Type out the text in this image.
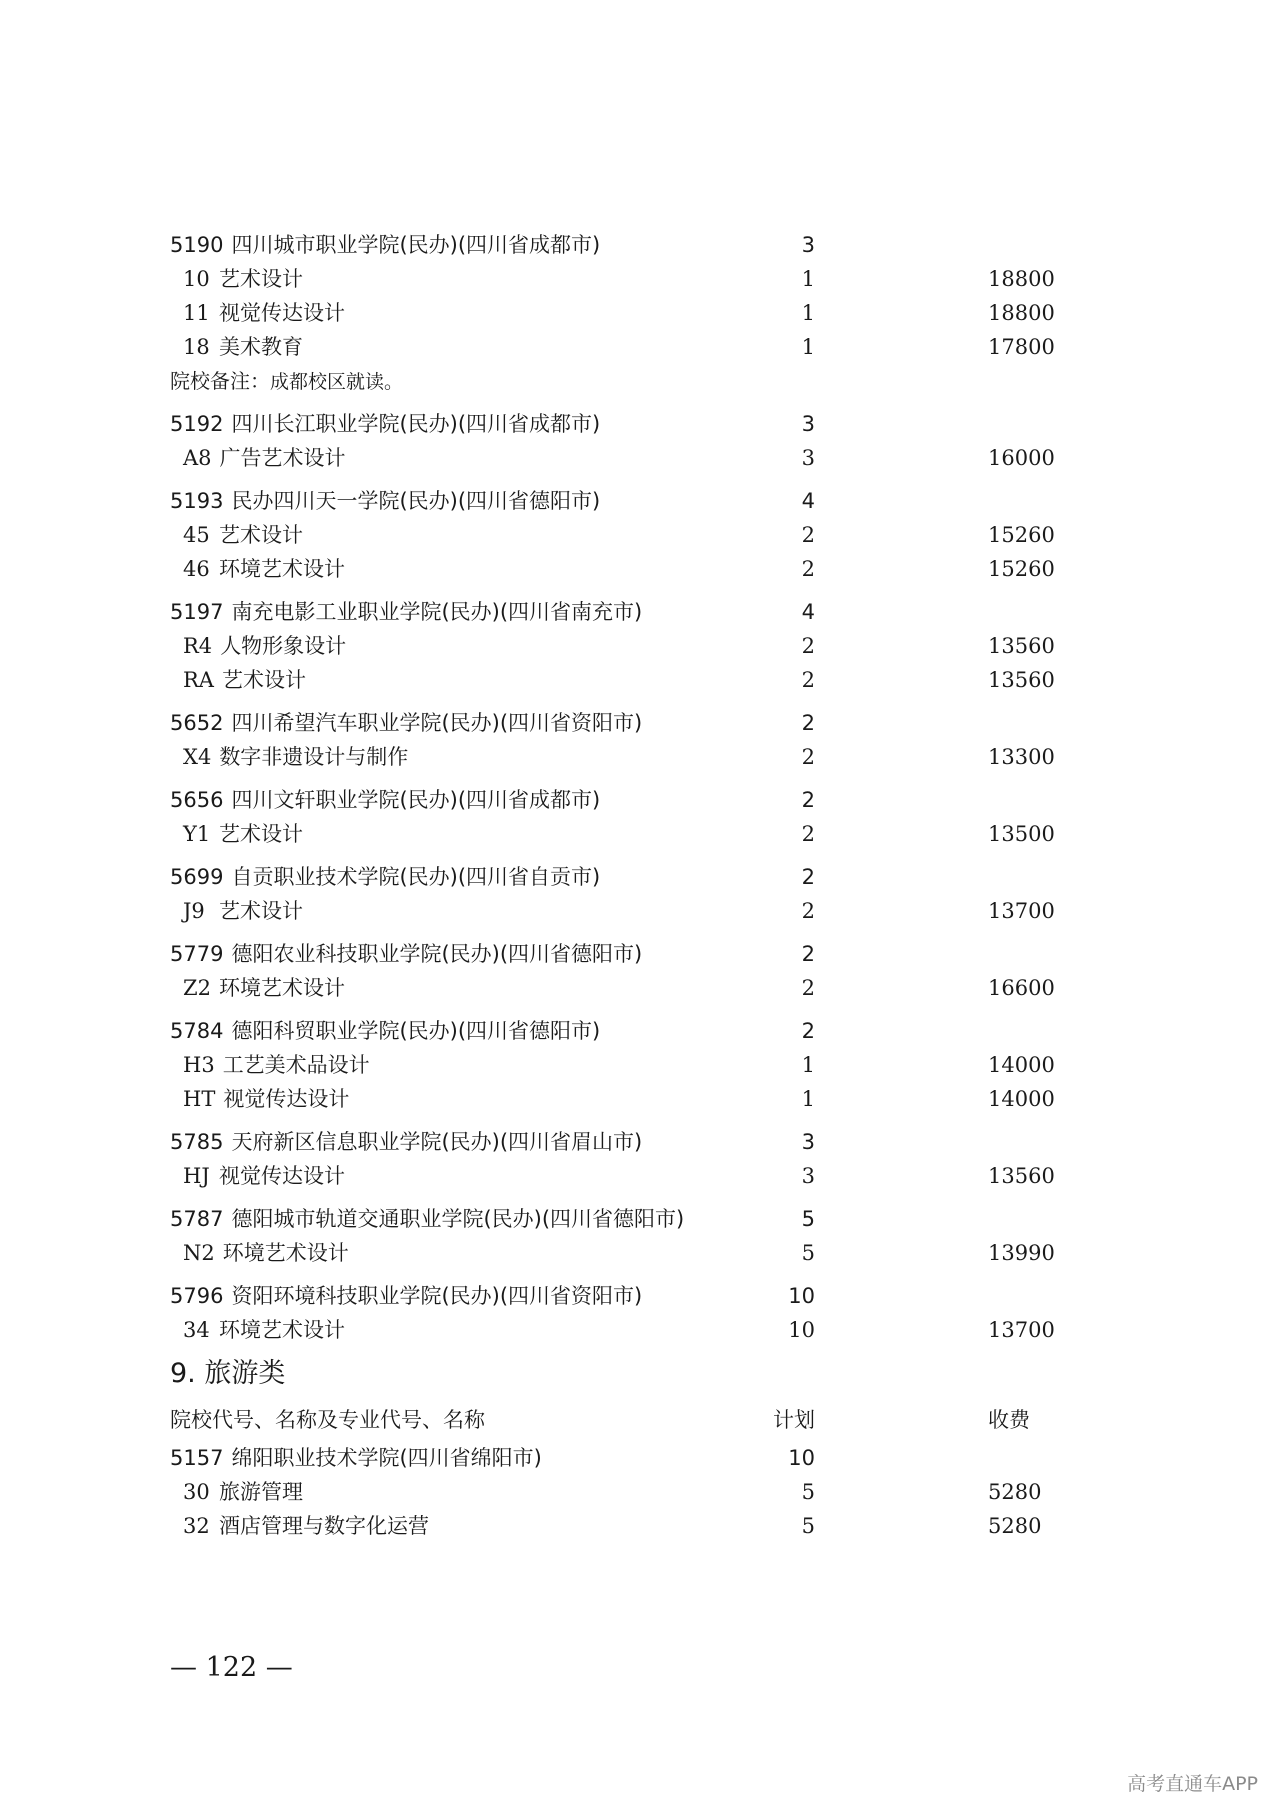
5190 四川城市职业学院(民办)(四川省成都市)	3
10 艺术设计	1	18800
11 视觉传达设计	1	18800
18 美术教育	1	17800
院校备注：成都校区就读。
5192 四川长江职业学院(民办)(四川省成都市)	3
A8 广告艺术设计	3	16000
5193 民办四川天一学院(民办)(四川省德阳市)	4
45 艺术设计	2	15260
46 环境艺术设计	2	15260
5197 南充电影工业职业学院(民办)(四川省南充市)	4
R4 人物形象设计	2	13560
RA 艺术设计	2	13560
5652 四川希望汽车职业学院(民办)(四川省资阳市)	2
X4 数字非遗设计与制作	2	13300
5656 四川文轩职业学院(民办)(四川省成都市)	2
Y1 艺术设计	2	13500
5699 自贡职业技术学院(民办)(四川省自贡市)	2
J9 艺术设计	2	13700
5779 德阳农业科技职业学院(民办)(四川省德阳市)	2
Z2 环境艺术设计	2	16600
5784 德阳科贸职业学院(民办)(四川省德阳市)	2
H3 工艺美术品设计	1	14000
HT 视觉传达设计	1	14000
5785 天府新区信息职业学院(民办)(四川省眉山市)	3
HJ 视觉传达设计	3	13560
5787 德阳城市轨道交通职业学院(民办)(四川省德阳市)	5
N2 环境艺术设计	5	13990
5796 资阳环境科技职业学院(民办)(四川省资阳市)	10
34 环境艺术设计	10	13700
9. 旅游类
院校代号、名称及专业代号、名称	计划	收费
5157 绵阳职业技术学院(四川省绵阳市)	10
30 旅游管理	5	5280
32 酒店管理与数字化运营	5	5280
— 122 —
高考直通车APP
